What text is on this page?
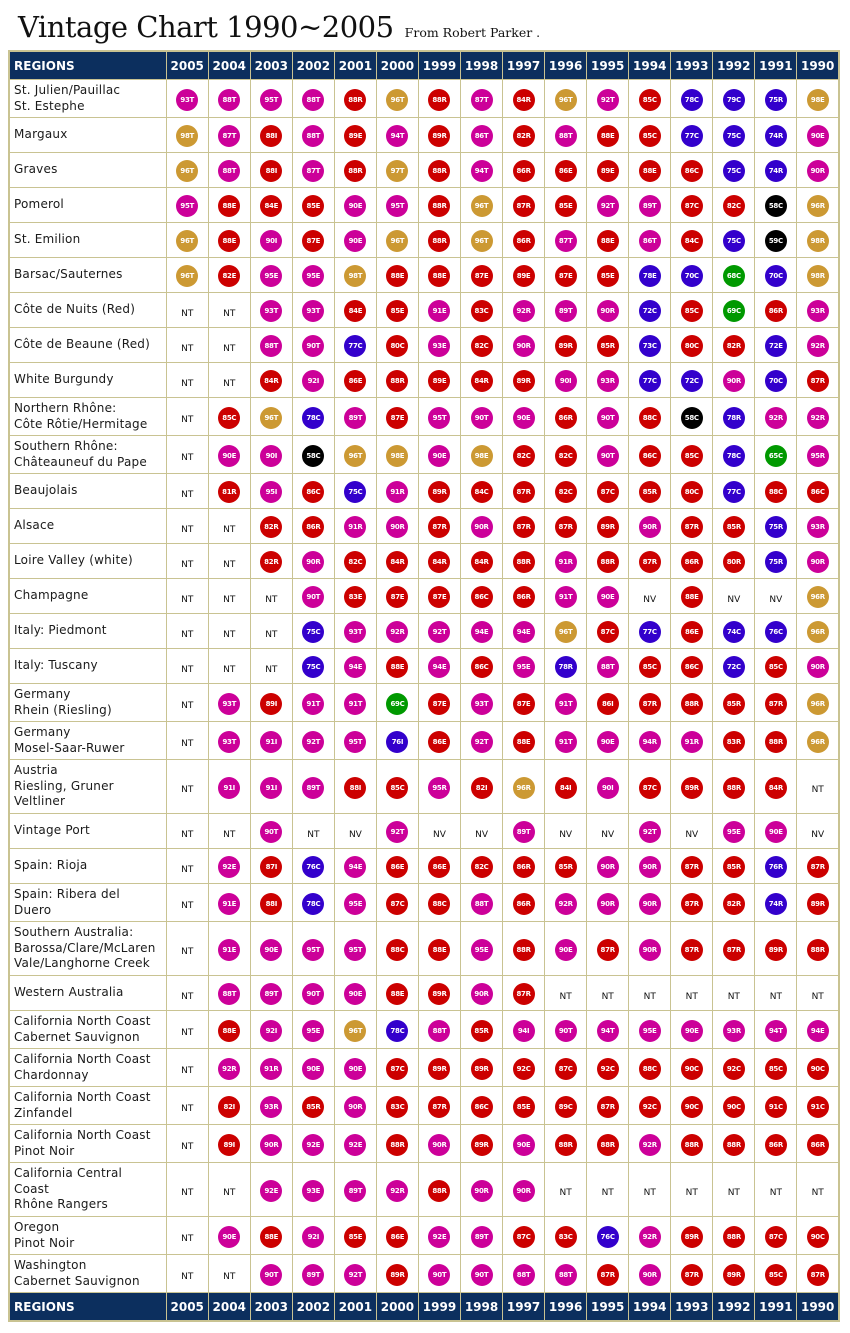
Vintage Chart 1990~2005 From Robert Parker .
REGIONS	2005	2004	2003	2002	2001	2000	1999	1998	1997	1996	1995	1994	1993	1992	1991	1990
St. Julien/Pauillac
St. Estephe	93T	88T	95T	88T	88R	96T	88R	87T	84R	96T	92T	85C	78C	79C	75R	98E
Margaux	98T	87T	88I	88T	89E	94T	89R	86T	82R	88T	88E	85C	77C	75C	74R	90E
Graves	96T	88T	88I	87T	88R	97T	88R	94T	86R	86E	89E	88E	86C	75C	74R	90R
Pomerol	95T	88E	84E	85E	90E	95T	88R	96T	87R	85E	92T	89T	87C	82C	58C	96R
St. Emilion	96T	88E	90I	87E	90E	96T	88R	96T	86R	87T	88E	86T	84C	75C	59C	98R
Barsac/Sauternes	96T	82E	95E	95E	98T	88E	88E	87E	89E	87E	85E	78E	70C	68C	70C	98R
Côte de Nuits (Red)	NT	NT	93T	93T	84E	85E	91E	83C	92R	89T	90R	72C	85C	69C	86R	93R
Côte de Beaune (Red)	NT	NT	88T	90T	77C	80C	93E	82C	90R	89R	85R	73C	80C	82R	72E	92R
White Burgundy	NT	NT	84R	92I	86E	88R	89E	84R	89R	90I	93R	77C	72C	90R	70C	87R
Northern Rhône:
Côte Rôtie/Hermitage	NT	85C	96T	78C	89T	87E	95T	90T	90E	86R	90T	88C	58C	78R	92R	92R
Southern Rhône:
Châteauneuf du Pape	NT	90E	90I	58C	96T	98E	90E	98E	82C	82C	90T	86C	85C	78C	65C	95R
Beaujolais	NT	81R	95I	86C	75C	91R	89R	84C	87R	82C	87C	85R	80C	77C	88C	86C
Alsace	NT	NT	82R	86R	91R	90R	87R	90R	87R	87R	89R	90R	87R	85R	75R	93R
Loire Valley (white)	NT	NT	82R	90R	82C	84R	84R	84R	88R	91R	88R	87R	86R	80R	75R	90R
Champagne	NT	NT	NT	90T	83E	87E	87E	86C	86R	91T	90E	NV	88E	NV	NV	96R
Italy: Piedmont	NT	NT	NT	75C	93T	92R	92T	94E	94E	96T	87C	77C	86E	74C	76C	96R
Italy: Tuscany	NT	NT	NT	75C	94E	88E	94E	86C	95E	78R	88T	85C	86C	72C	85C	90R
Germany
Rhein (Riesling)	NT	93T	89I	91T	91T	69C	87E	93T	87E	91T	86I	87R	88R	85R	87R	96R
Germany
Mosel-Saar-Ruwer	NT	93T	91I	92T	95T	76I	86E	92T	88E	91T	90E	94R	91R	83R	88R	96R
Austria
Riesling, Gruner
Veltliner	NT	91I	91I	89T	88I	85C	95R	82I	96R	84I	90I	87C	89R	88R	84R	NT
Vintage Port	NT	NT	90T	NT	NV	92T	NV	NV	89T	NV	NV	92T	NV	95E	90E	NV
Spain: Rioja	NT	92E	87I	76C	94E	86E	86E	82C	86R	85R	90R	90R	87R	85R	76R	87R
Spain: Ribera del
Duero	NT	91E	88I	78C	95E	87C	88C	88T	86R	92R	90R	90R	87R	82R	74R	89R
Southern Australia:
Barossa/Clare/McLaren
Vale/Langhorne Creek	NT	91E	90E	95T	95T	88C	88E	95E	88R	90E	87R	90R	87R	87R	89R	88R
Western Australia	NT	88T	89T	90T	90E	88E	89R	90R	87R	NT	NT	NT	NT	NT	NT	NT
California North Coast
Cabernet Sauvignon	NT	88E	92I	95E	96T	78C	88T	85R	94I	90T	94T	95E	90E	93R	94T	94E
California North Coast
Chardonnay	NT	92R	91R	90E	90E	87C	89R	89R	92C	87C	92C	88C	90C	92C	85C	90C
California North Coast
Zinfandel	NT	82I	93R	85R	90R	83C	87R	86C	85E	89C	87R	92C	90C	90C	91C	91C
California North Coast
Pinot Noir	NT	89I	90R	92E	92E	88R	90R	89R	90E	88R	88R	92R	88R	88R	86R	86R
California Central
Coast
Rhône Rangers	NT	NT	92E	93E	89T	92R	88R	90R	90R	NT	NT	NT	NT	NT	NT	NT
Oregon
Pinot Noir	NT	90E	88E	92I	85E	86E	92E	89T	87C	83C	76C	92R	89R	88R	87C	90C
Washington
Cabernet Sauvignon	NT	NT	90T	89T	92T	89R	90T	90T	88T	88T	87R	90R	87R	89R	85C	87R
REGIONS	2005	2004	2003	2002	2001	2000	1999	1998	1997	1996	1995	1994	1993	1992	1991	1990
